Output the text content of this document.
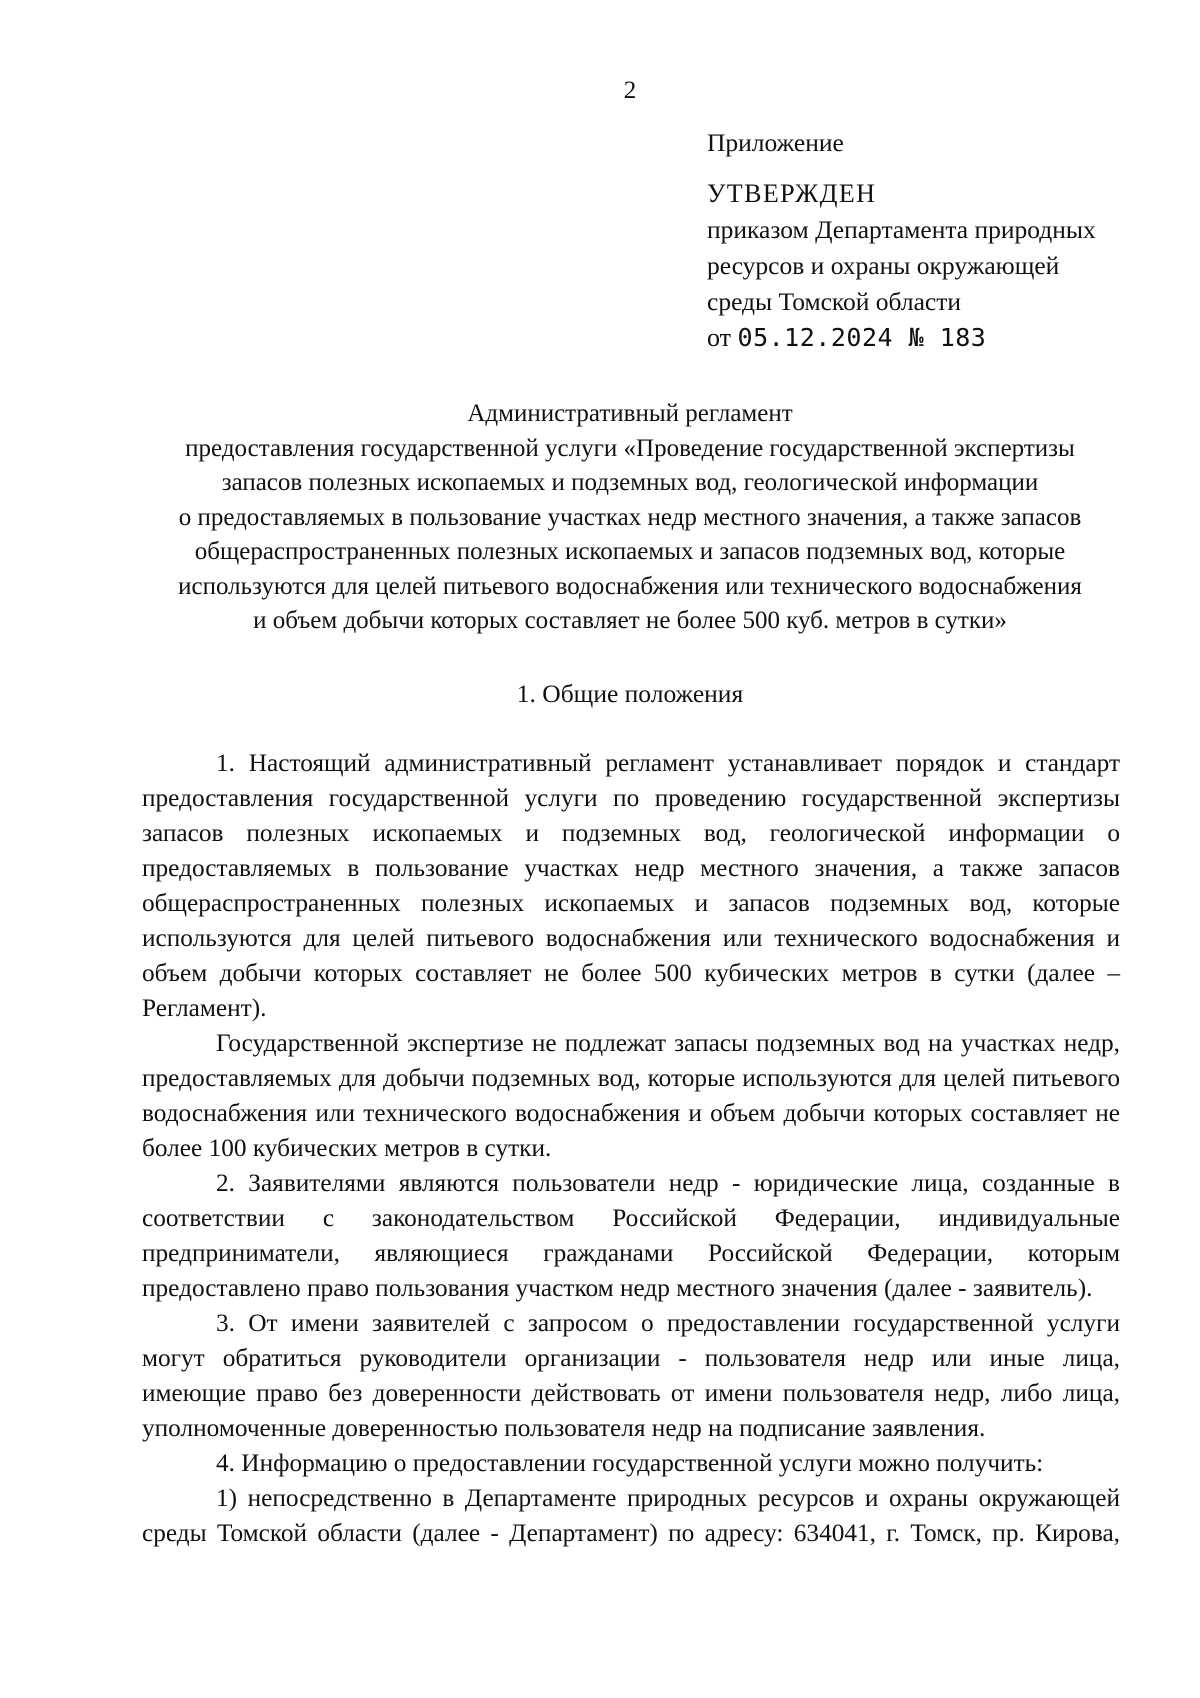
2
Приложение
УТВЕРЖДЕН
приказом Департамента природных
ресурсов и охраны окружающей
среды Томской области
от 05.12.2024 № 183
Административный регламент
предоставления государственной услуги «Проведение государственной экспертизы
запасов полезных ископаемых и подземных вод, геологической информации
о предоставляемых в пользование участках недр местного значения, а также запасов
общераспространенных полезных ископаемых и запасов подземных вод, которые
используются для целей питьевого водоснабжения или технического водоснабжения
и объем добычи которых составляет не более 500 куб. метров в сутки»
1. Общие положения

1. Настоящий административный регламент устанавливает порядок и стандарт предоставления государственной услуги по проведению государственной экспертизы запасов полезных ископаемых и подземных вод, геологической информации о предоставляемых в пользование участках недр местного значения, а также запасов общераспространенных полезных ископаемых и запасов подземных вод, которые используются для целей питьевого водоснабжения или технического водоснабжения и объем добычи которых составляет не более 500 кубических метров в сутки (далее – Регламент).

Государственной экспертизе не подлежат запасы подземных вод на участках недр, предоставляемых для добычи подземных вод, которые используются для целей питьевого водоснабжения или технического водоснабжения и объем добычи которых составляет не более 100 кубических метров в сутки.

2. Заявителями являются пользователи недр - юридические лица, созданные в соответствии с законодательством Российской Федерации, индивидуальные предприниматели, являющиеся гражданами Российской Федерации, которым предоставлено право пользования участком недр местного значения (далее - заявитель).

3. От имени заявителей с запросом о предоставлении государственной услуги могут обратиться руководители организации - пользователя недр или иные лица, имеющие право без доверенности действовать от имени пользователя недр, либо лица, уполномоченные доверенностью пользователя недр на подписание заявления.

4. Информацию о предоставлении государственной услуги можно получить:

1) непосредственно в Департаменте природных ресурсов и охраны окружающей среды Томской области (далее - Департамент) по адресу: 634041, г. Томск, пр. Кирова,
